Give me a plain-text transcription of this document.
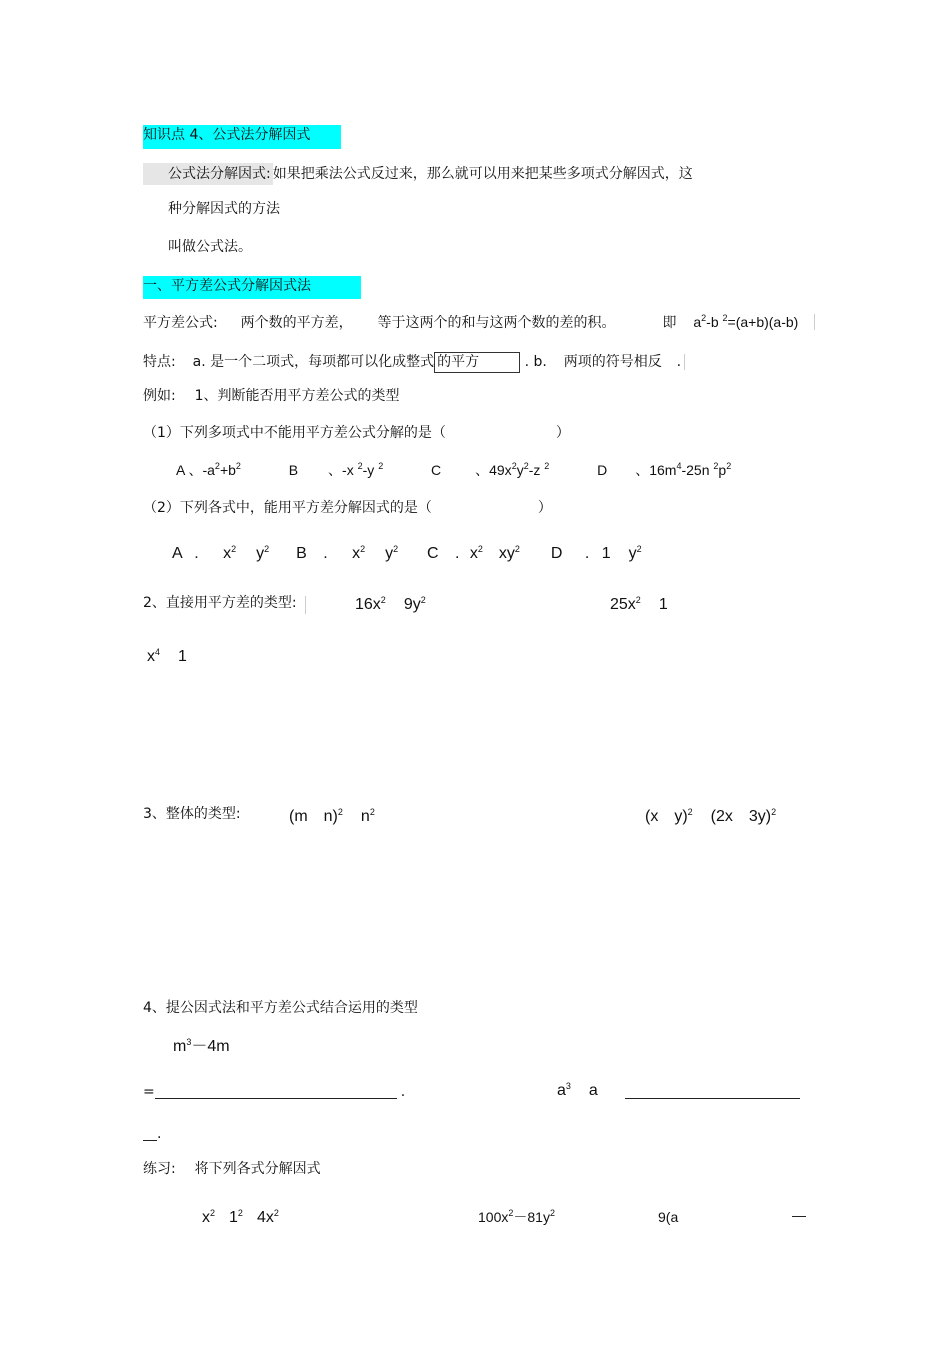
知识点 4、公式法分解因式
公式法分解因式: 如果把乘法公式反过来，那么就可以用来把某些多项式分解因式，这
种分解因式的方法
叫做公式法。
一、平方差公式分解因式法
平方差公式: 两个数的平方差， 等于这两个的和与这两个数的差的积。	即 $a^2-b$ $^2$=(a+b)(a-b)
特点: a. 是一个二项式，每项都可以化成整式 的平方	. b. 两项的符号相反 .
例如: 1、判断能否用平方差公式的类型
（1）下列多项式中不能用平方差公式分解的是（	）
A 、$-a^2+b^2$	B 、-x $^2$-y $^2$	C 、$49x^2y^2-z$ $^2$	D 、$16m^4-25n$ $^2p^2$
（2）下列各式中，能用平方差分解因式的是（	）
A . $x^2$ $y^2$ B . $x^2$ $y^2$ C . $x^2$ $xy^2$ D . 1 $y^2$
2、直接用平方差的类型:	$16x^2$ $9y^2$	$25x^2$ 1
$x^4$ 1
3、整体的类型:	(m n)$^2$ $n^2$	(x y)$^2$ (2x 3y)$^2$
4、提公因式法和平方差公式结合运用的类型
$m^3-4m$
=	.	$a^3$ a
.
练习: 将下列各式分解因式
$x^2$ $1^2$ $4x^2$	$100x^2-81y^2$	9(a	—
